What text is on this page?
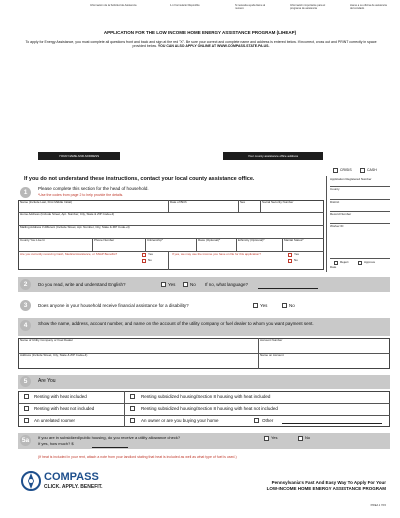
Informacion de la Solicitud de Asistencia	1-1 Formulario Disponible	Si necesita ayuda llame al numero
Información importante para el programa de asistencia
Llame a su oficina de asistencia del condado
APPLICATION FOR THE LOW INCOME HOME ENERGY ASSISTANCE PROGRAM (LIHEAP)
To apply for Energy Assistance, you must complete all questions front and back and sign at the red "X". Be sure your correct and complete name and address is entered below. If incorrect, cross out and PRINT correctly in space provided below. YOU CAN ALSO APPLY ONLINE AT WWW.COMPASS.STATE.PA.US.
YOUR NAME AND ADDRESS	Your county assistance office address
CRISIS	CASH
If you do not understand these instructions, contact your local county assistance office.	Application Registered Number
County
District
Record Number
Worker ID
Reject	Approve
Date
1
Please complete this section for the head of household.
*Use the codes from page 2 to help provide the details.
Name (Include Last, First Middle Initial)	Date of Birth	Sex	Social Security Number
Home Address (Include Street, Apt. Number, City, State & ZIP Code+4)
Mailing Address if different (Include Street, Apt. Number, City, State & ZIP Code+4)
County You Live In	Phone Number	Citizenship*	Race (Optional)*	Ethnicity (Optional)*	Marital Status*
Are you currently receiving Cash, Medical Assistance, or SNAP Benefits?	Yes
No
If yes, we may use the income you have on file for this application?	Yes
No
2	Do you read, write and understand English?	Yes	No If no, what language?
3	Does anyone in your household receive financial assistance for a disability?	Yes	No
4	Show the name, address, account number, and name on the account of the utility company or fuel dealer to whom you want payment sent.
Name of Utility Company or Fuel Dealer	Account Number
Address (Include Street, City, State & ZIP Code+4)	Name on Account
5	Are You
Renting with heat included	Renting subsidized housing/Section 8 housing with heat included
Renting with heat not included	Renting subsidized housing/Section 8 housing with heat not included
An unrelated roomer	An owner or are you buying your home	Other
5a	If you are in subsidized/public housing, do you receive a utility allowance check?	Yes	No
If yes, how much? $
(If heat is included in your rent, attach a note from your landlord stating that heat is included as well as what type of fuel is used.)
COMPASS
CLICK. APPLY. BENEFIT.
Pennsylvania's Fast And Easy Way To Apply For Your
LOW-INCOME HOME ENERGY ASSISTANCE PROGRAM
PWEA 1 7/15
